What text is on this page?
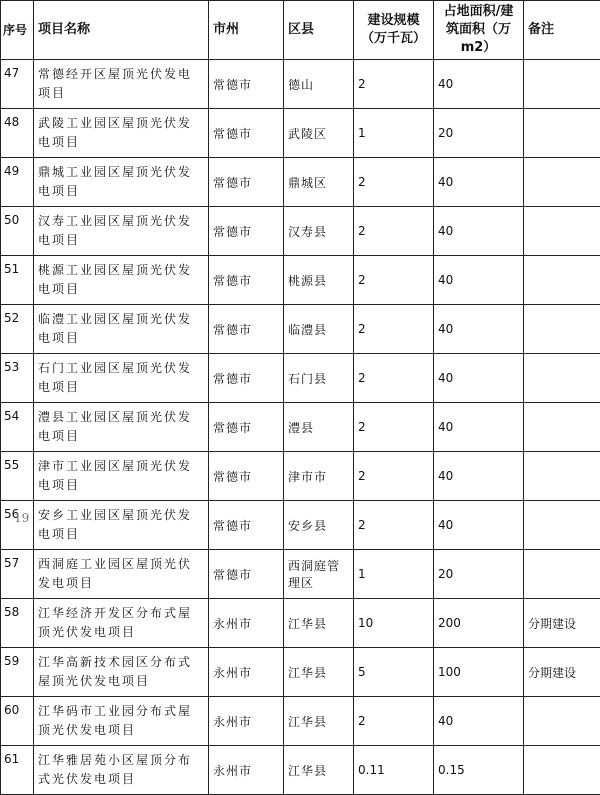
序号	项目名称	市州	区县	建设规模（万千瓦）	占地面积/建筑面积（万m2）	备注
47	常德经开区屋顶光伏发电项目	常德市	德山	2	40	
48	武陵工业园区屋顶光伏发电项目	常德市	武陵区	1	20	
49	鼎城工业园区屋顶光伏发电项目	常德市	鼎城区	2	40	
50	汉寿工业园区屋顶光伏发电项目	常德市	汉寿县	2	40	
51	桃源工业园区屋顶光伏发电项目	常德市	桃源县	2	40	
52	临澧工业园区屋顶光伏发电项目	常德市	临澧县	2	40	
53	石门工业园区屋顶光伏发电项目	常德市	石门县	2	40	
54	澧县工业园区屋顶光伏发电项目	常德市	澧县	2	40	
55	津市工业园区屋顶光伏发电项目	常德市	津市市	2	40	
56	安乡工业园区屋顶光伏发电项目	常德市	安乡县	2	40	
57	西洞庭工业园区屋顶光伏发电项目	常德市	西洞庭管理区	1	20	
58	江华经济开发区分布式屋顶光伏发电项目	永州市	江华县	10	200	分期建设
59	江华高新技术园区分布式屋顶光伏发电项目	永州市	江华县	5	100	分期建设
60	江华码市工业园分布式屋顶光伏发电项目	永州市	江华县	2	40	
61	江华雅居苑小区屋顶分布式光伏发电项目	永州市	江华县	0.11	0.15	
19
